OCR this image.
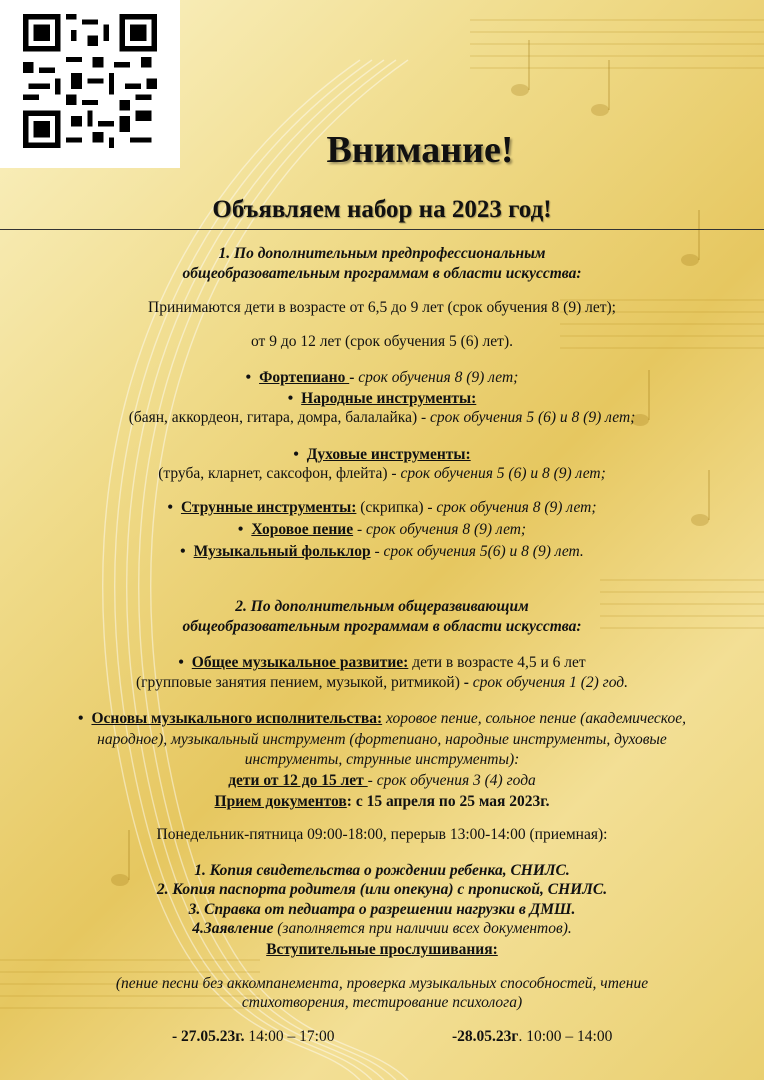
Внимание!
Объявляем набор на 2023 год!
1. По дополнительным предпрофессиональным
общеобразовательным программам в области искусства:
Принимаются дети в возрасте от 6,5 до 9 лет (срок обучения 8 (9) лет);
от 9 до 12 лет (срок обучения 5 (6) лет).
• Фортепиано - срок обучения 8 (9) лет;
• Народные инструменты:
(баян, аккордеон, гитара, домра, балалайка) - срок обучения 5 (6) и 8 (9) лет;
• Духовые инструменты:
(труба, кларнет, саксофон, флейта) - срок обучения 5 (6) и 8 (9) лет;
• Струнные инструменты: (скрипка) - срок обучения 8 (9) лет;
• Хоровое пение - срок обучения 8 (9) лет;
• Музыкальный фольклор - срок обучения 5(6) и 8 (9) лет.
2. По дополнительным общеразвивающим
общеобразовательным программам в области искусства:
• Общее музыкальное развитие: дети в возрасте 4,5 и 6 лет
(групповые занятия пением, музыкой, ритмикой) - срок обучения 1 (2) год.
• Основы музыкального исполнительства: хоровое пение, сольное пение (академическое,
народное), музыкальный инструмент (фортепиано, народные инструменты, духовые
инструменты, струнные инструменты):
дети от 12 до 15 лет - срок обучения 3 (4) года
Прием документов: с 15 апреля по 25 мая 2023г.
Понедельник-пятница 09:00-18:00, перерыв 13:00-14:00 (приемная):
1. Копия свидетельства о рождении ребенка, СНИЛС.
2. Копия паспорта родителя (или опекуна) с пропиской, СНИЛС.
3. Справка от педиатра о разрешении нагрузки в ДМШ.
4.Заявление (заполняется при наличии всех документов).
Вступительные прослушивания:
(пение песни без аккомпанемента, проверка музыкальных способностей, чтение
стихотворения, тестирование психолога)
- 27.05.23г. 14:00 – 17:00	-28.05.23г. 10:00 – 14:00
